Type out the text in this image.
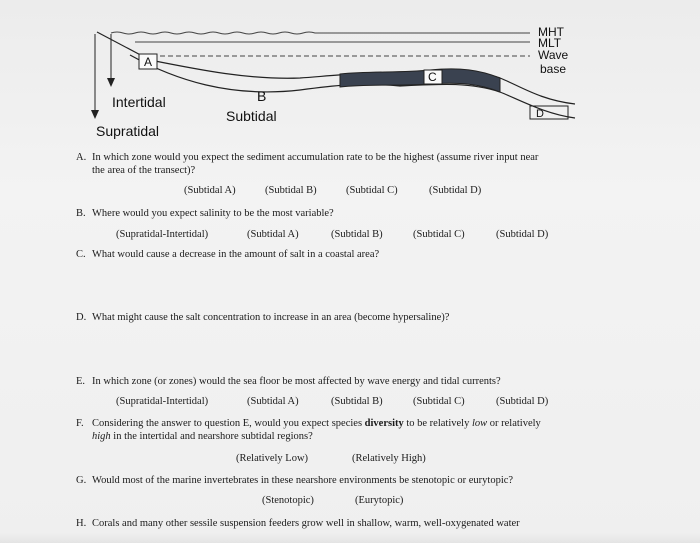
A
C
B
D
MHT
MLT
Wave
base
Intertidal
Subtidal
Supratidal
A. In which zone would you expect the sediment accumulation rate to be the highest (assume river input near
the area of the transect)?
(Subtidal A)	(Subtidal B)	(Subtidal C)	(Subtidal D)
B. Where would you expect salinity to be the most variable?
(Supratidal-Intertidal)	(Subtidal A)	(Subtidal B)	(Subtidal C)	(Subtidal D)
C. What would cause a decrease in the amount of salt in a coastal area?
D. What might cause the salt concentration to increase in an area (become hypersaline)?
E. In which zone (or zones) would the sea floor be most affected by wave energy and tidal currents?
(Supratidal-Intertidal)	(Subtidal A)	(Subtidal B)	(Subtidal C)	(Subtidal D)
F. Considering the answer to question E, would you expect species diversity to be relatively low or relatively
high in the intertidal and nearshore subtidal regions?
(Relatively Low)	(Relatively High)
G. Would most of the marine invertebrates in these nearshore environments be stenotopic or eurytopic?
(Stenotopic)	(Eurytopic)
H. Corals and many other sessile suspension feeders grow well in shallow, warm, well-oxygenated water
